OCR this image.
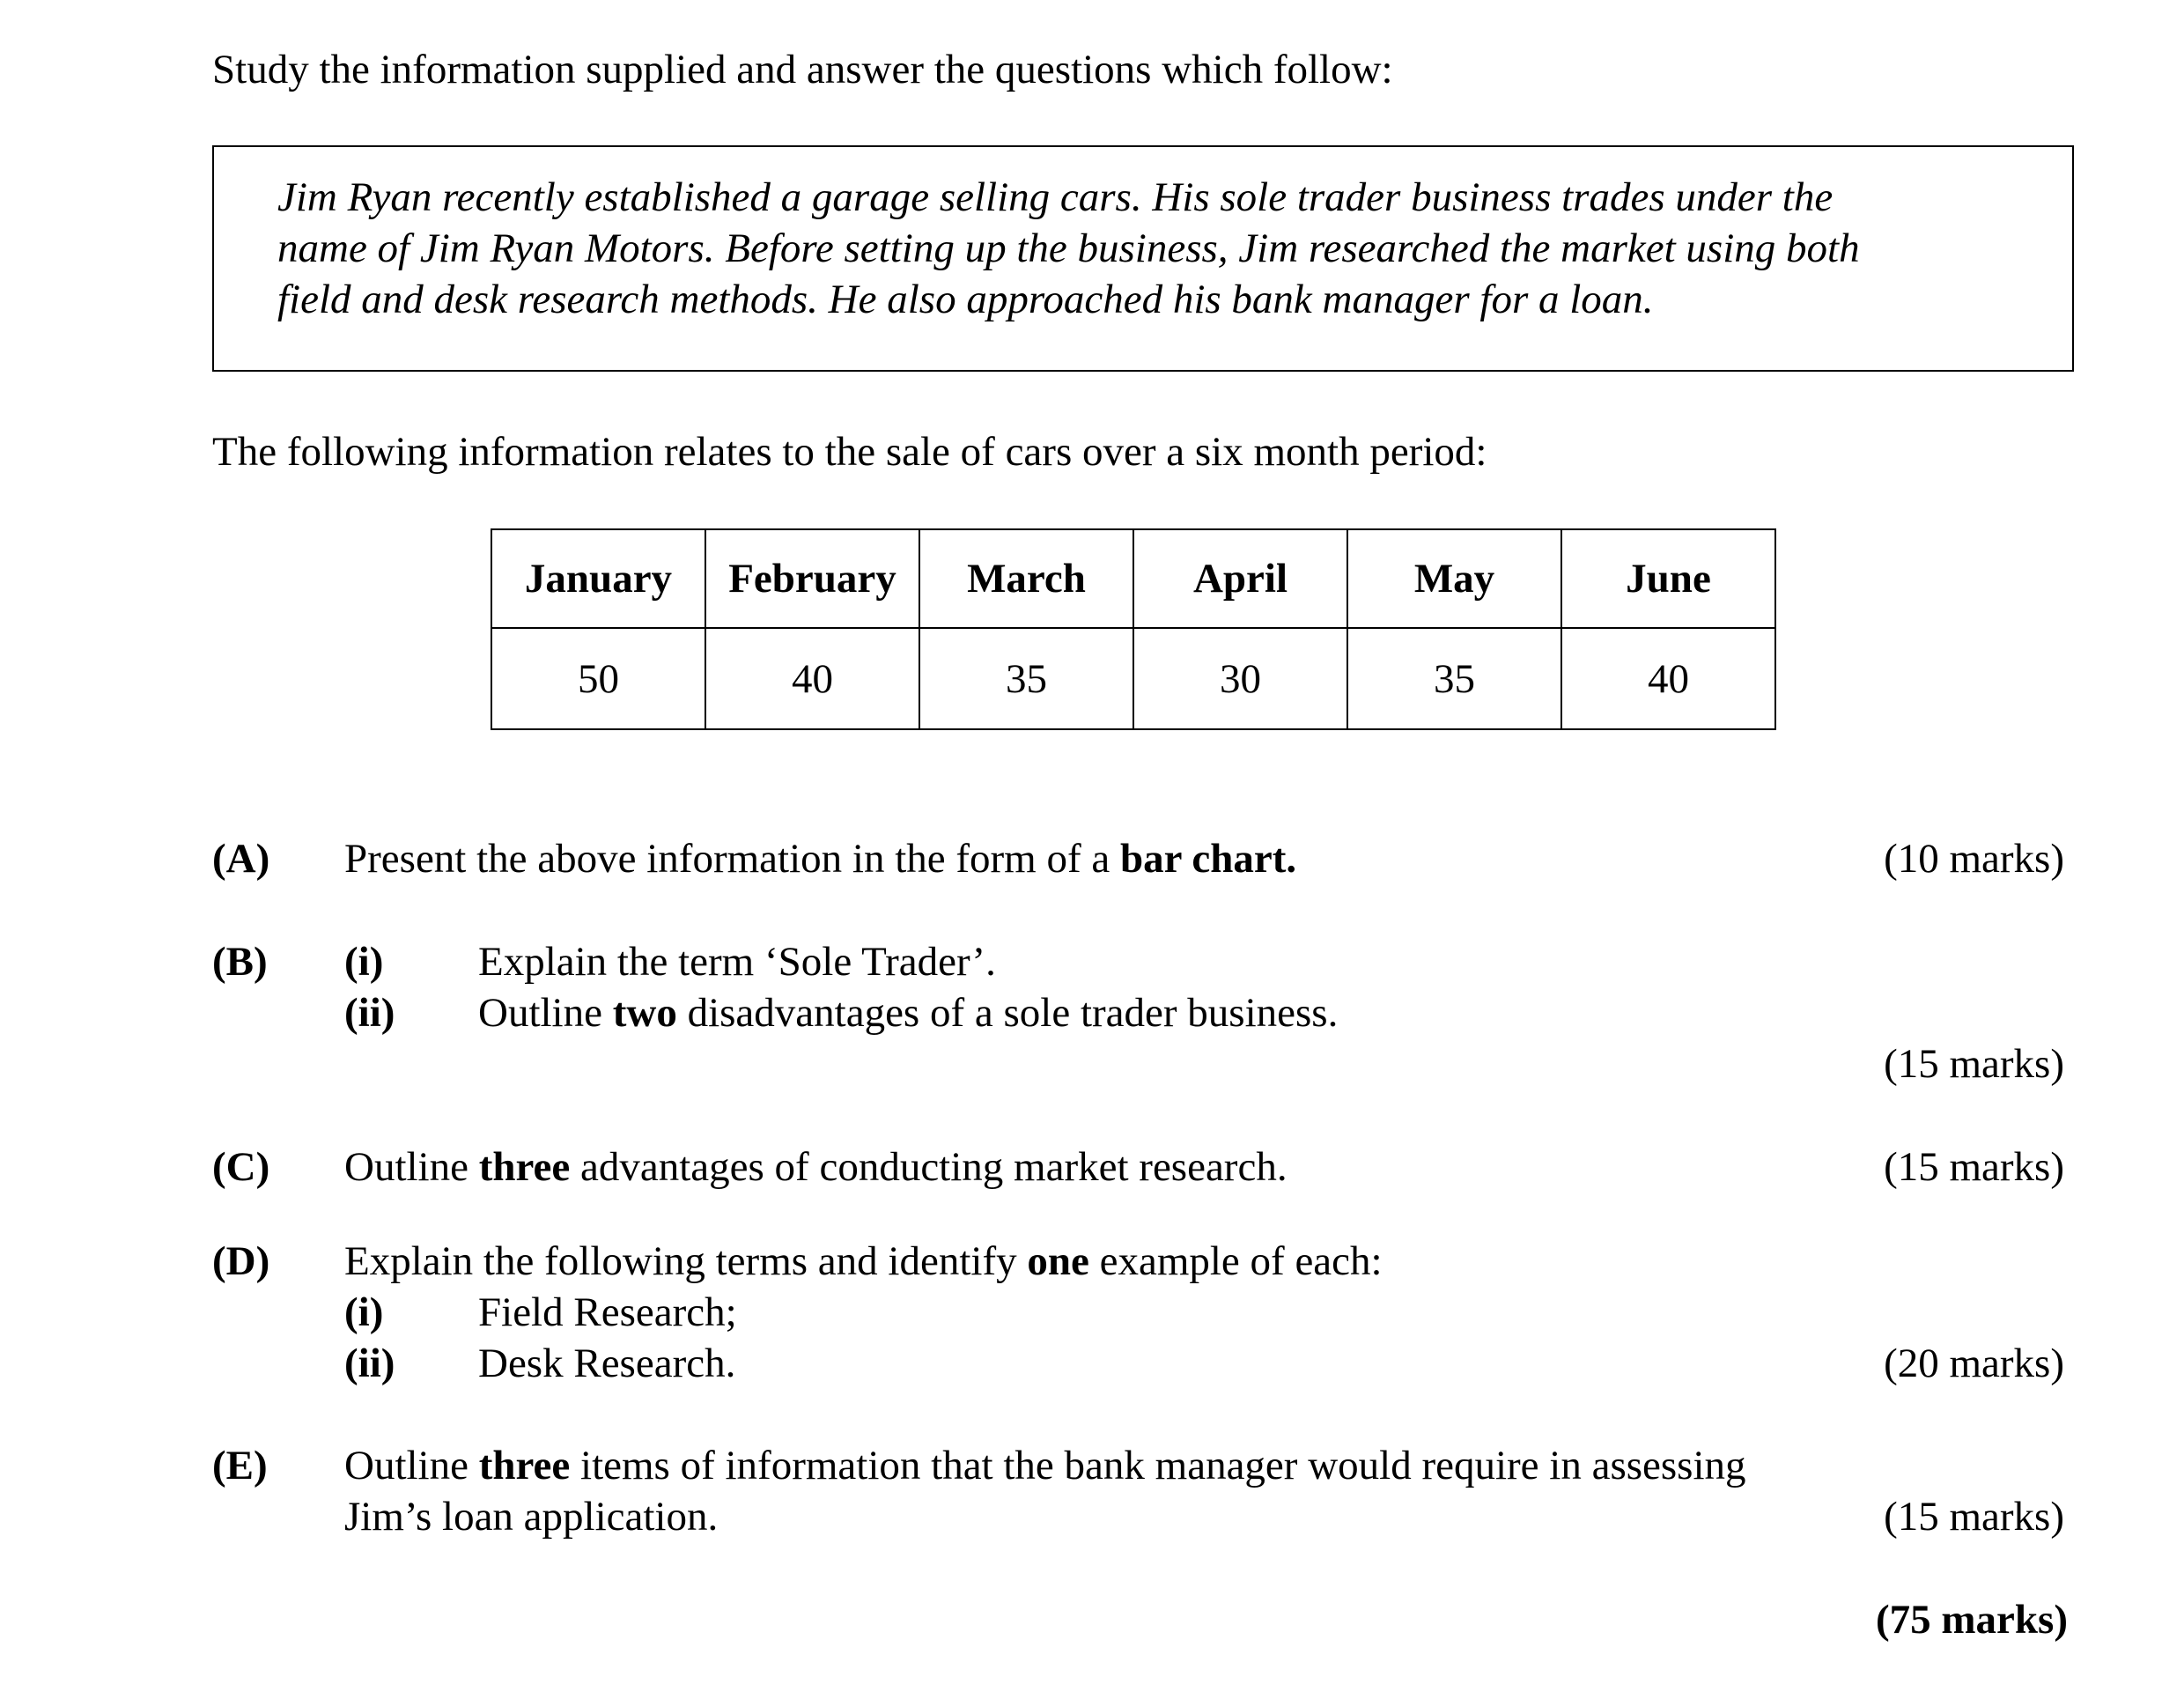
Study the information supplied and answer the questions which follow:
Jim Ryan recently established a garage selling cars. His sole trader business trades under the
name of Jim Ryan Motors. Before setting up the business, Jim researched the market using both
field and desk research methods. He also approached his bank manager for a loan.
The following information relates to the sale of cars over a six month period:
January	February	March	April	May	June
50	40	35	30	35	40
(A) Present the above information in the form of a bar chart.	(10 marks)
(B) (i) Explain the term ‘Sole Trader’.
(ii) Outline two disadvantages of a sole trader business.
(15 marks)
(C) Outline three advantages of conducting market research.	(15 marks)
(D) Explain the following terms and identify one example of each:
(i) Field Research;
(ii) Desk Research.	(20 marks)
(E) Outline three items of information that the bank manager would require in assessing
Jim’s loan application.	(15 marks)
(75 marks)
